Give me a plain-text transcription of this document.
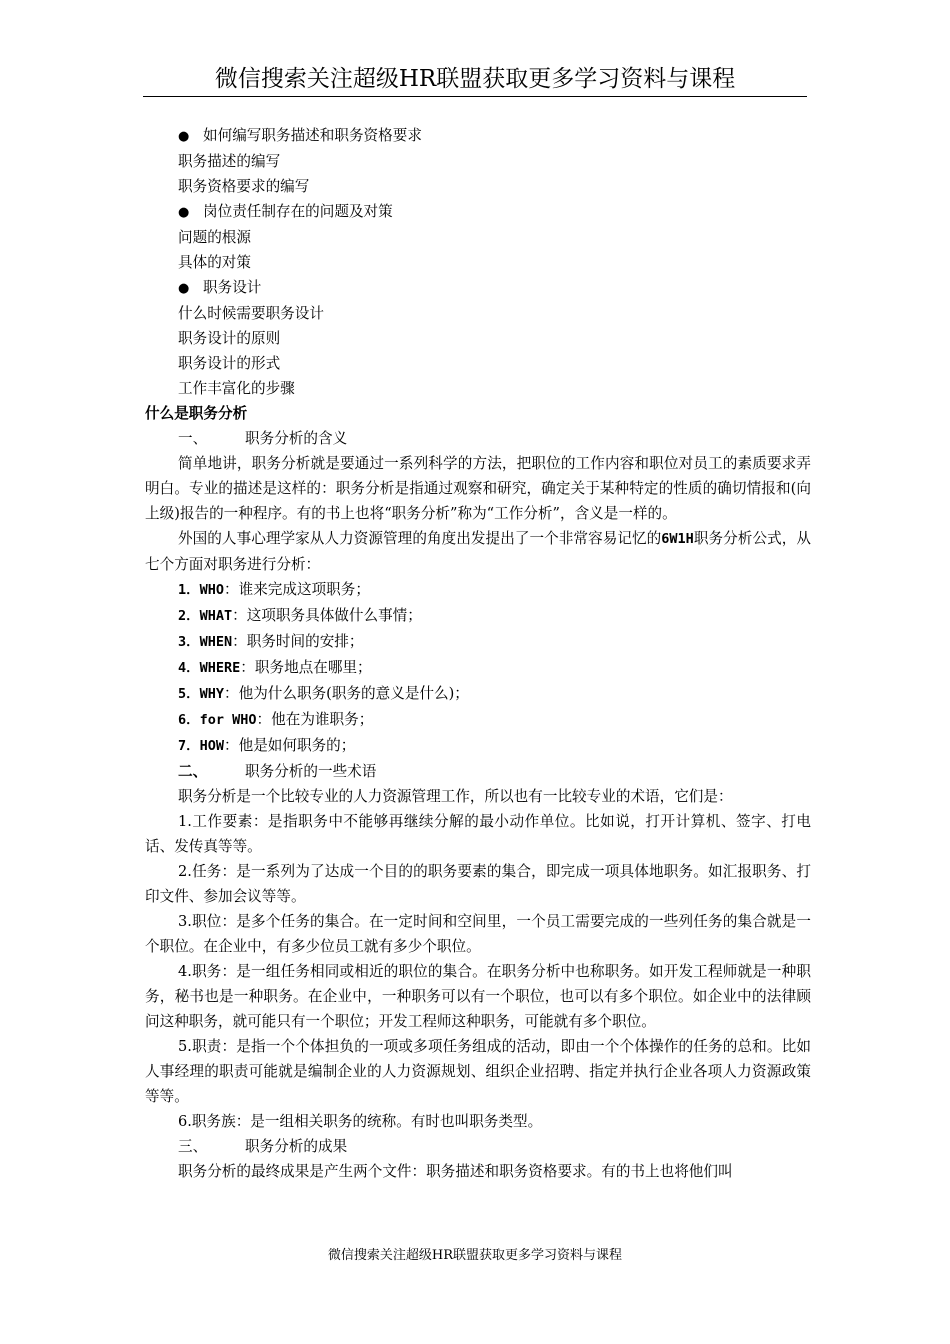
微信搜索关注超级HR联盟获取更多学习资料与课程

● 如何编写职务描述和职务资格要求

职务描述的编写

职务资格要求的编写

● 岗位责任制存在的问题及对策

问题的根源

具体的对策

● 职务设计

什么时候需要职务设计

职务设计的原则

职务设计的形式

工作丰富化的步骤

什么是职务分析

一、	职务分析的含义

简单地讲，职务分析就是要通过一系列科学的方法，把职位的工作内容和职位对员工的素质要求弄明白。专业的描述是这样的：职务分析是指通过观察和研究，确定关于某种特定的性质的确切情报和(向上级)报告的一种程序。有的书上也将“职务分析”称为“工作分析”，含义是一样的。

外国的人事心理学家从人力资源管理的角度出发提出了一个非常容易记忆的6W1H职务分析公式，从七个方面对职务进行分析：

1．WHO：谁来完成这项职务；

2．WHAT：这项职务具体做什么事情；

3．WHEN：职务时间的安排；

4．WHERE：职务地点在哪里；

5．WHY：他为什么职务(职务的意义是什么)；

6．for WHO：他在为谁职务；

7．HOW：他是如何职务的；

二、	职务分析的一些术语

职务分析是一个比较专业的人力资源管理工作，所以也有一比较专业的术语，它们是：

1.工作要素：是指职务中不能够再继续分解的最小动作单位。比如说，打开计算机、签字、打电话、发传真等等。

2.任务：是一系列为了达成一个目的的职务要素的集合，即完成一项具体地职务。如汇报职务、打印文件、参加会议等等。

3.职位：是多个任务的集合。在一定时间和空间里，一个员工需要完成的一些列任务的集合就是一个职位。在企业中，有多少位员工就有多少个职位。

4.职务：是一组任务相同或相近的职位的集合。在职务分析中也称职务。如开发工程师就是一种职务，秘书也是一种职务。在企业中，一种职务可以有一个职位，也可以有多个职位。如企业中的法律顾问这种职务，就可能只有一个职位；开发工程师这种职务，可能就有多个职位。

5.职责：是指一个个体担负的一项或多项任务组成的活动，即由一个个体操作的任务的总和。比如人事经理的职责可能就是编制企业的人力资源规划、组织企业招聘、指定并执行企业各项人力资源政策等等。

6.职务族：是一组相关职务的统称。有时也叫职务类型。

三、	职务分析的成果

职务分析的最终成果是产生两个文件：职务描述和职务资格要求。有的书上也将他们叫

微信搜索关注超级HR联盟获取更多学习资料与课程
